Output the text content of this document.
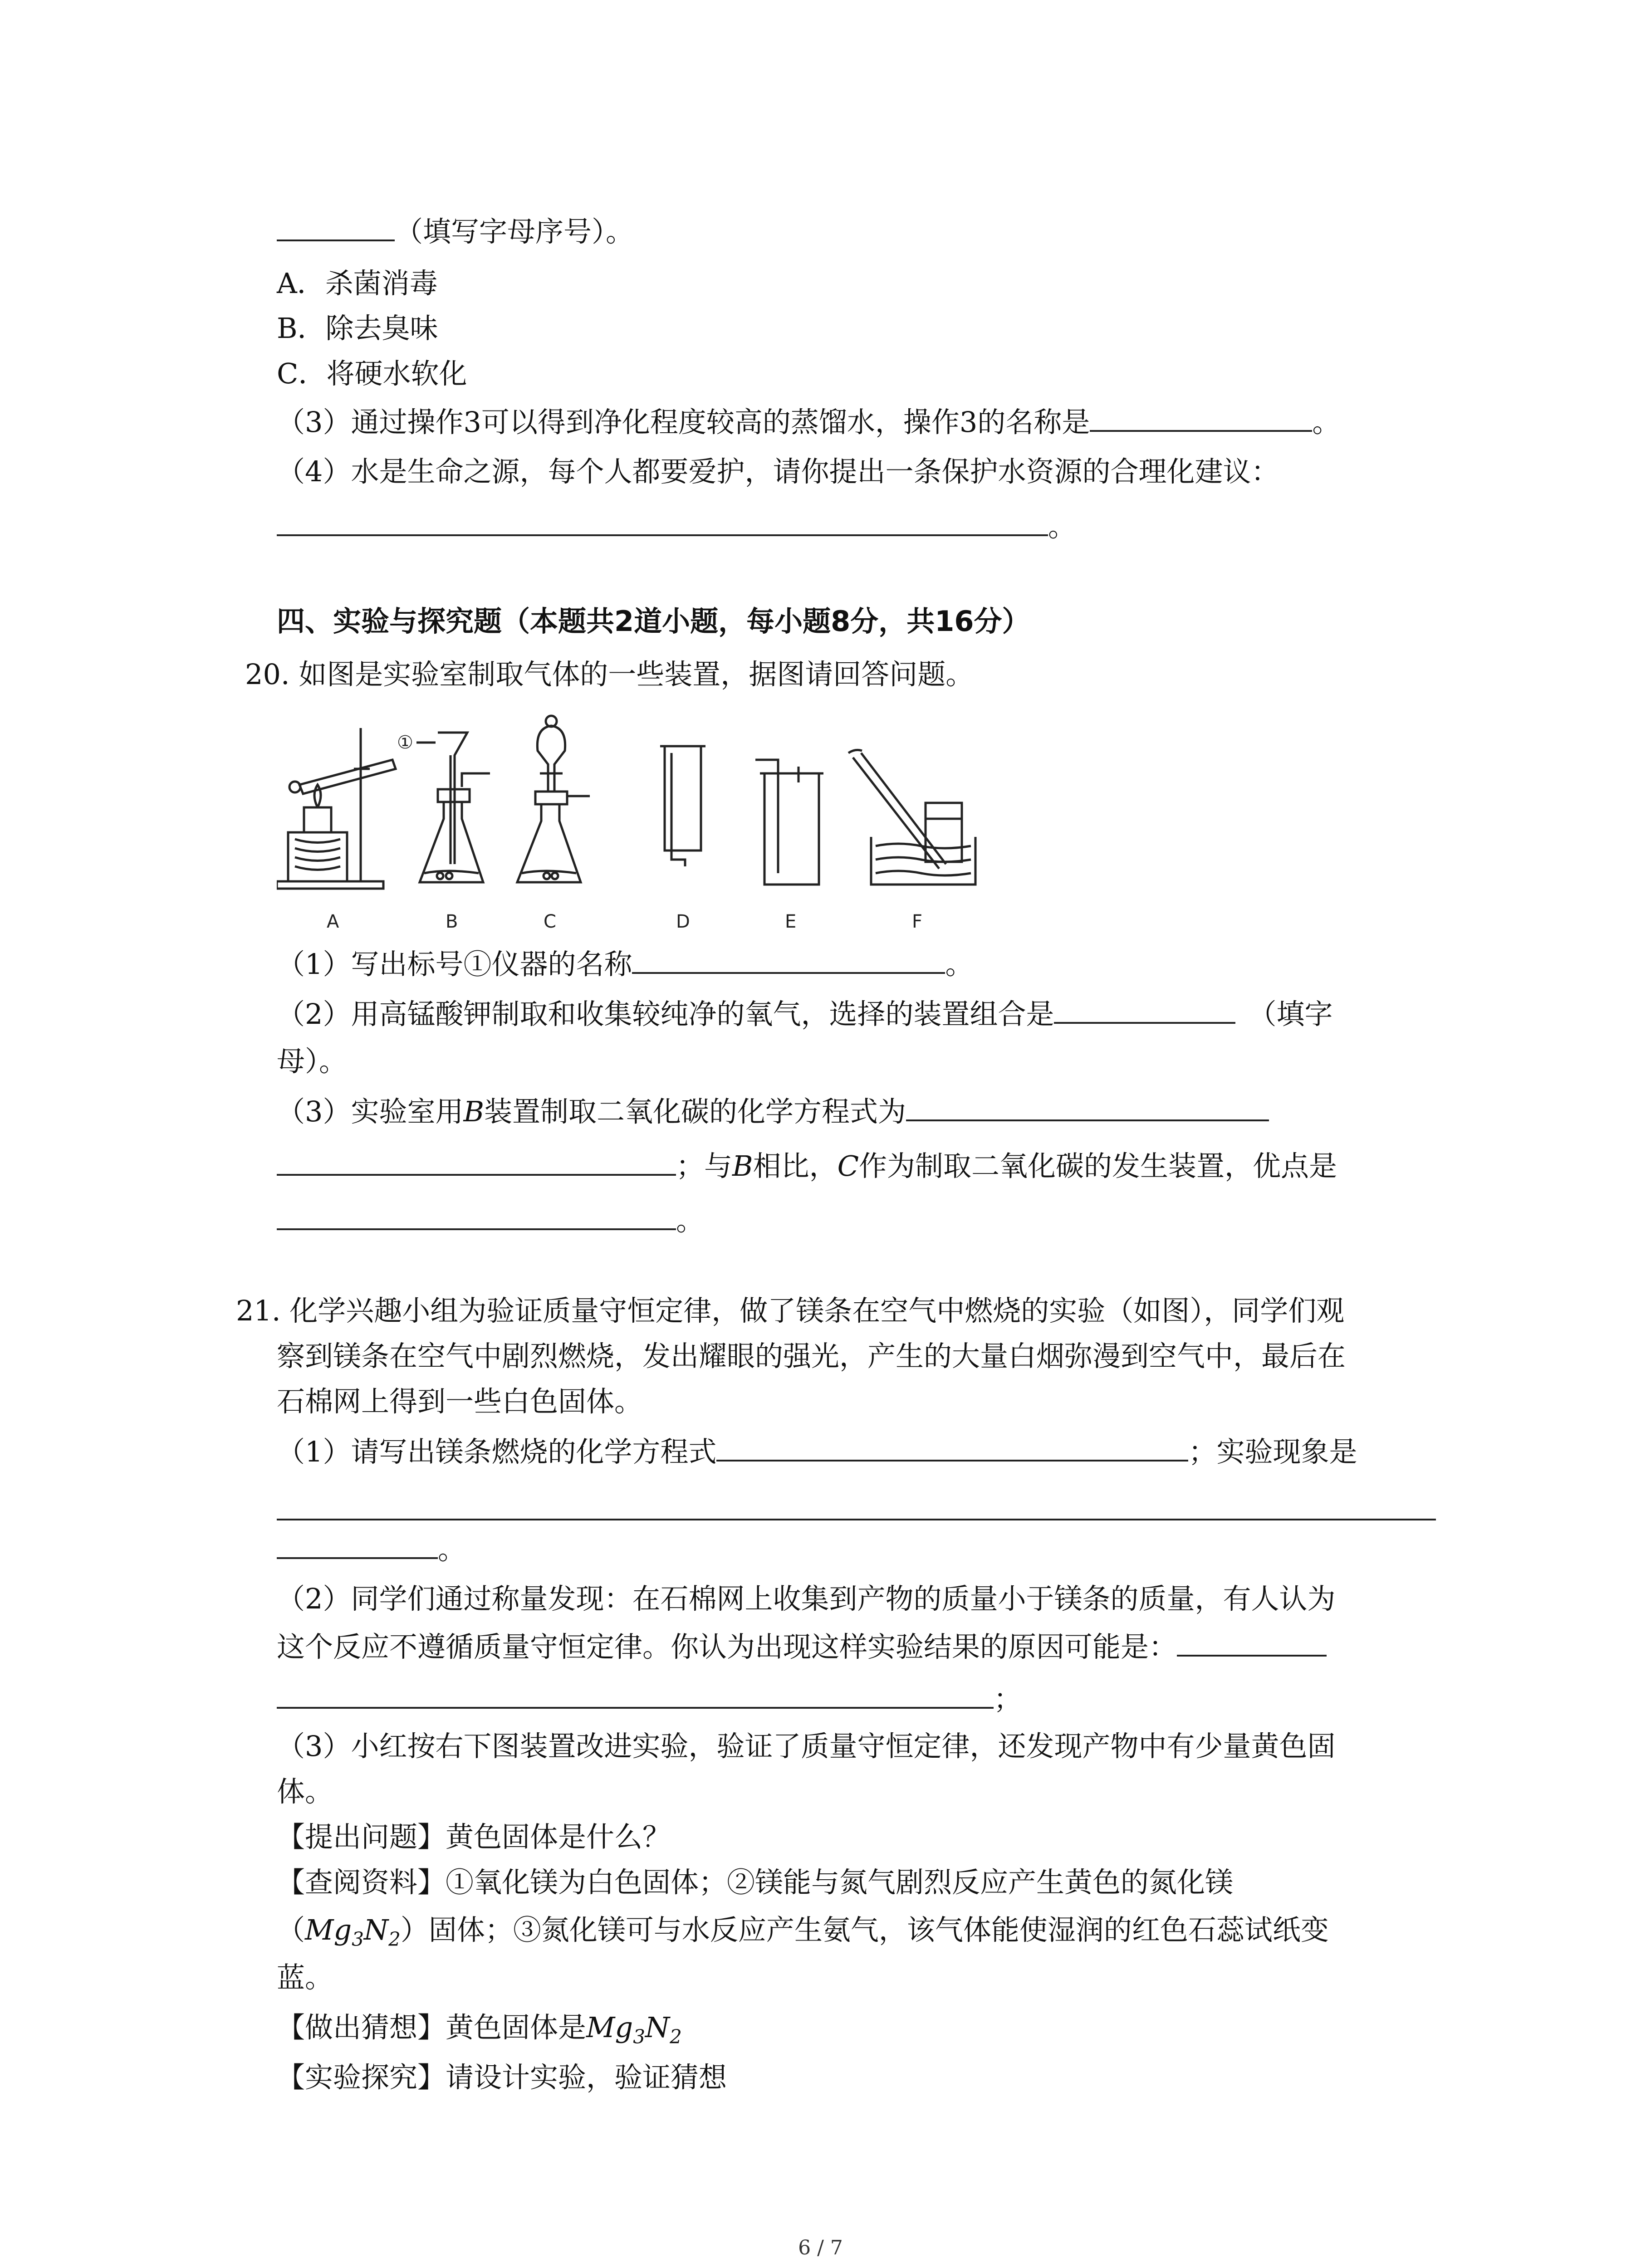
（填写字母序号）。
A．杀菌消毒
B．除去臭味
C．将硬水软化
（3）通过操作3可以得到净化程度较高的蒸馏水，操作3的名称是	。
（4）水是生命之源，每个人都要爱护，请你提出一条保护水资源的合理化建议：
。
四、实验与探究题（本题共2道小题，每小题8分，共16分）
20. 如图是实验室制取气体的一些装置，据图请回答问题。
①
A	B	C	D	E	F
（1）写出标号①仪器的名称	。
（2）用高锰酸钾制取和收集较纯净的氧气，选择的装置组合是	（填字
母）。
（3）实验室用B装置制取二氧化碳的化学方程式为
；与B相比，C作为制取二氧化碳的发生装置，优点是
。
21. 化学兴趣小组为验证质量守恒定律，做了镁条在空气中燃烧的实验（如图），同学们观
察到镁条在空气中剧烈燃烧，发出耀眼的强光，产生的大量白烟弥漫到空气中，最后在
石棉网上得到一些白色固体。
（1）请写出镁条燃烧的化学方程式	；实验现象是
。
（2）同学们通过称量发现：在石棉网上收集到产物的质量小于镁条的质量，有人认为
这个反应不遵循质量守恒定律。你认为出现这样实验结果的原因可能是：
；
（3）小红按右下图装置改进实验，验证了质量守恒定律，还发现产物中有少量黄色固
体。
【提出问题】黄色固体是什么？
【查阅资料】①氧化镁为白色固体；②镁能与氮气剧烈反应产生黄色的氮化镁
$(Mg_3N_2)$固体；③氮化镁可与水反应产生氨气，该气体能使湿润的红色石蕊试纸变
蓝。
【做出猜想】黄色固体是$Mg_3N_2$
【实验探究】请设计实验，验证猜想
6 / 7
